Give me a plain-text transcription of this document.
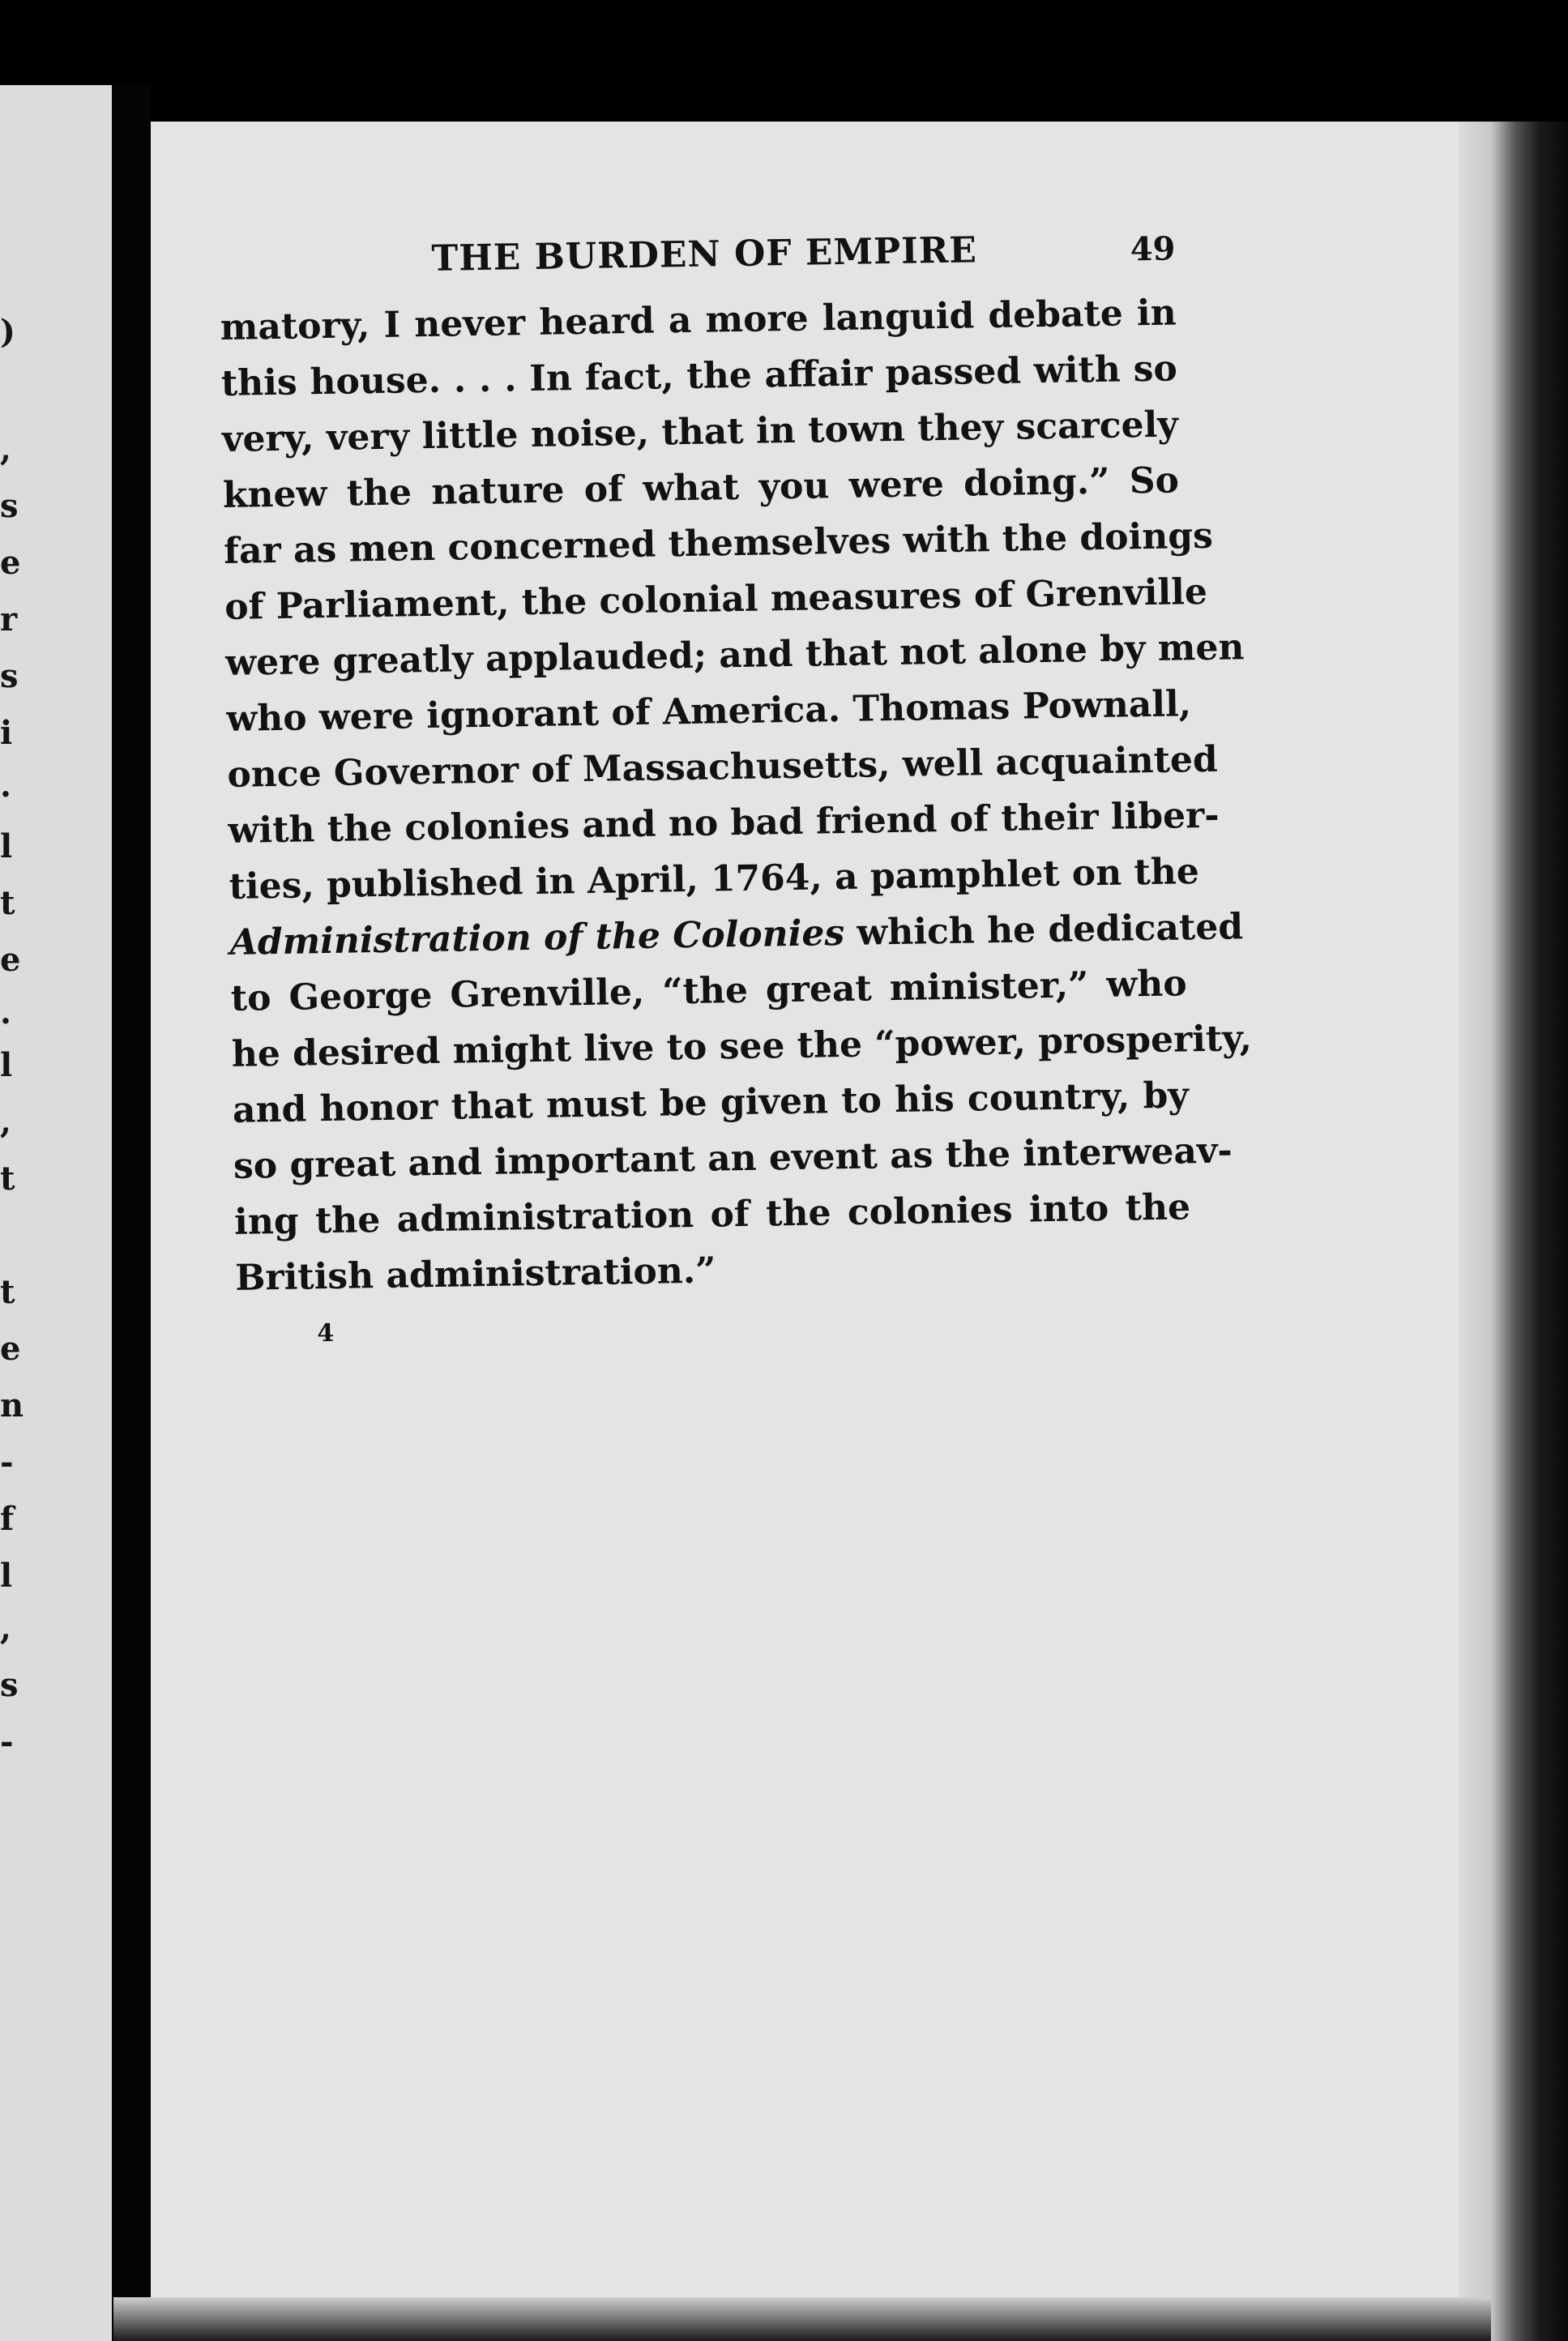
)
,
s
e
r
s
i
.
l
t
e
.
l
,
t
t
e
n
-
f
l
,
s
-
THE BURDEN OF EMPIRE	49
matory, I never heard a more languid debate in
this house. . . . In fact, the affair passed with so
very, very little noise, that in town they scarcely
knew the nature of what you were doing.” So
far as men concerned themselves with the doings
of Parliament, the colonial measures of Grenville
were greatly applauded; and that not alone by men
who were ignorant of America. Thomas Pownall,
once Governor of Massachusetts, well acquainted
with the colonies and no bad friend of their liber-
ties, published in April, 1764, a pamphlet on the
Administration of the Colonies which he dedicated
to George Grenville, “the great minister,” who
he desired might live to see the “power, prosperity,
and honor that must be given to his country, by
so great and important an event as the interweav-
ing the administration of the colonies into the
British administration.”
4
